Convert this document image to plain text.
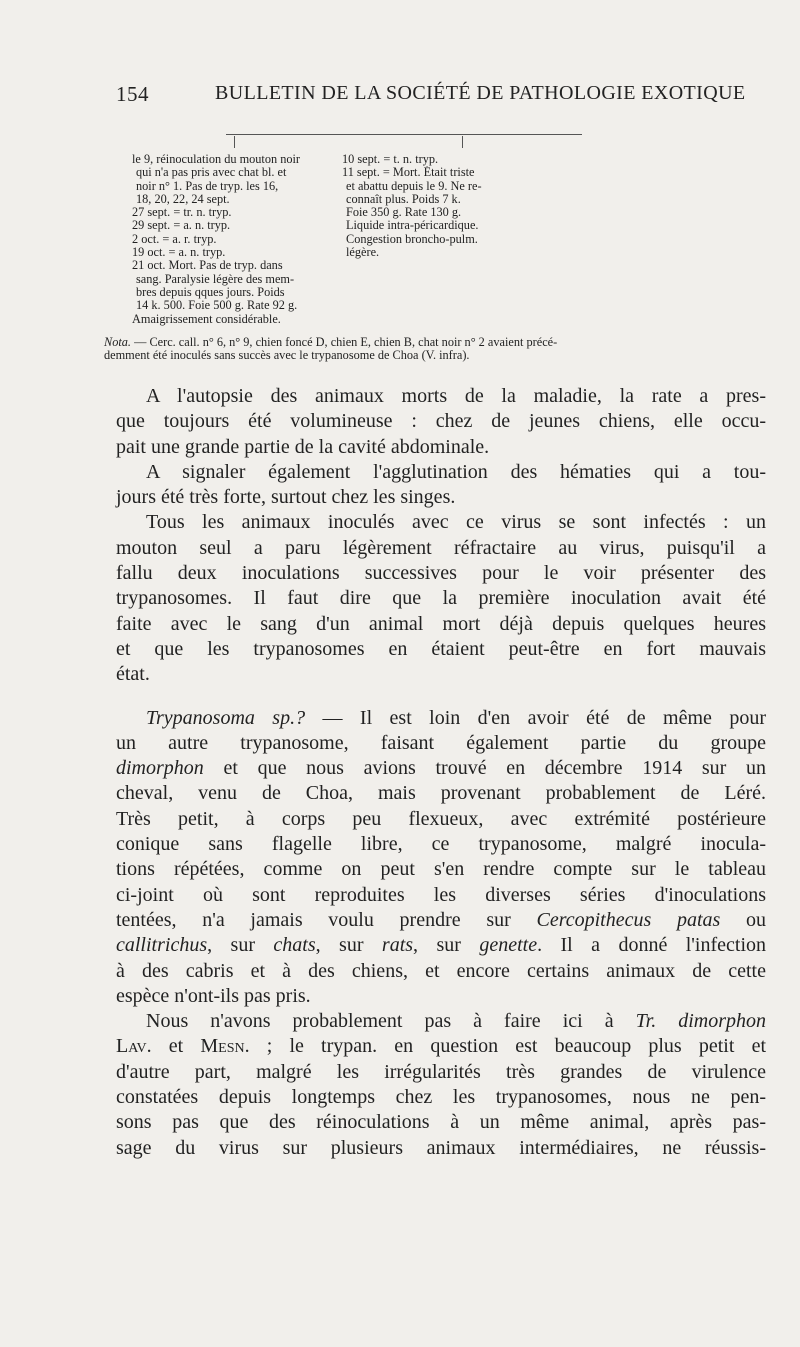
154	BULLETIN DE LA SOCIÉTÉ DE PATHOLOGIE EXOTIQUE
le 9, réinoculation du mouton noir
qui n'a pas pris avec chat bl. et
noir n° 1. Pas de tryp. les 16,
18, 20, 22, 24 sept.
27 sept. = tr. n. tryp.
29 sept. = a. n. tryp.
2 oct. = a. r. tryp.
19 oct. = a. n. tryp.
21 oct. Mort. Pas de tryp. dans
sang. Paralysie légère des mem-
bres depuis qques jours. Poids
14 k. 500. Foie 500 g. Rate 92 g.
Amaigrissement considérable.
10 sept. = t. n. tryp.
11 sept. = Mort. Était triste
et abattu depuis le 9. Ne re-
connaît plus. Poids 7 k.
Foie 350 g. Rate 130 g.
Liquide intra-péricardique.
Congestion broncho-pulm.
légère.
Nota. — Cerc. call. n° 6, n° 9, chien foncé D, chien E, chien B, chat noir n° 2 avaient précé-
demment été inoculés sans succès avec le trypanosome de Choa (V. infra).
A l'autopsie des animaux morts de la maladie, la rate a pres-
que toujours été volumineuse : chez de jeunes chiens, elle occu-
pait une grande partie de la cavité abdominale.
A signaler également l'agglutination des hématies qui a tou-
jours été très forte, surtout chez les singes.
Tous les animaux inoculés avec ce virus se sont infectés : un
mouton seul a paru légèrement réfractaire au virus, puisqu'il a
fallu deux inoculations successives pour le voir présenter des
trypanosomes. Il faut dire que la première inoculation avait été
faite avec le sang d'un animal mort déjà depuis quelques heures
et que les trypanosomes en étaient peut-être en fort mauvais
état.
Trypanosoma sp.? — Il est loin d'en avoir été de même pour
un autre trypanosome, faisant également partie du groupe
dimorphon et que nous avions trouvé en décembre 1914 sur un
cheval, venu de Choa, mais provenant probablement de Léré.
Très petit, à corps peu flexueux, avec extrémité postérieure
conique sans flagelle libre, ce trypanosome, malgré inocula-
tions répétées, comme on peut s'en rendre compte sur le tableau
ci-joint où sont reproduites les diverses séries d'inoculations
tentées, n'a jamais voulu prendre sur Cercopithecus patas ou
callitrichus, sur chats, sur rats, sur genette. Il a donné l'infection
à des cabris et à des chiens, et encore certains animaux de cette
espèce n'ont-ils pas pris.
Nous n'avons probablement pas à faire ici à Tr. dimorphon
Lav. et Mesn. ; le trypan. en question est beaucoup plus petit et
d'autre part, malgré les irrégularités très grandes de virulence
constatées depuis longtemps chez les trypanosomes, nous ne pen-
sons pas que des réinoculations à un même animal, après pas-
sage du virus sur plusieurs animaux intermédiaires, ne réussis-
